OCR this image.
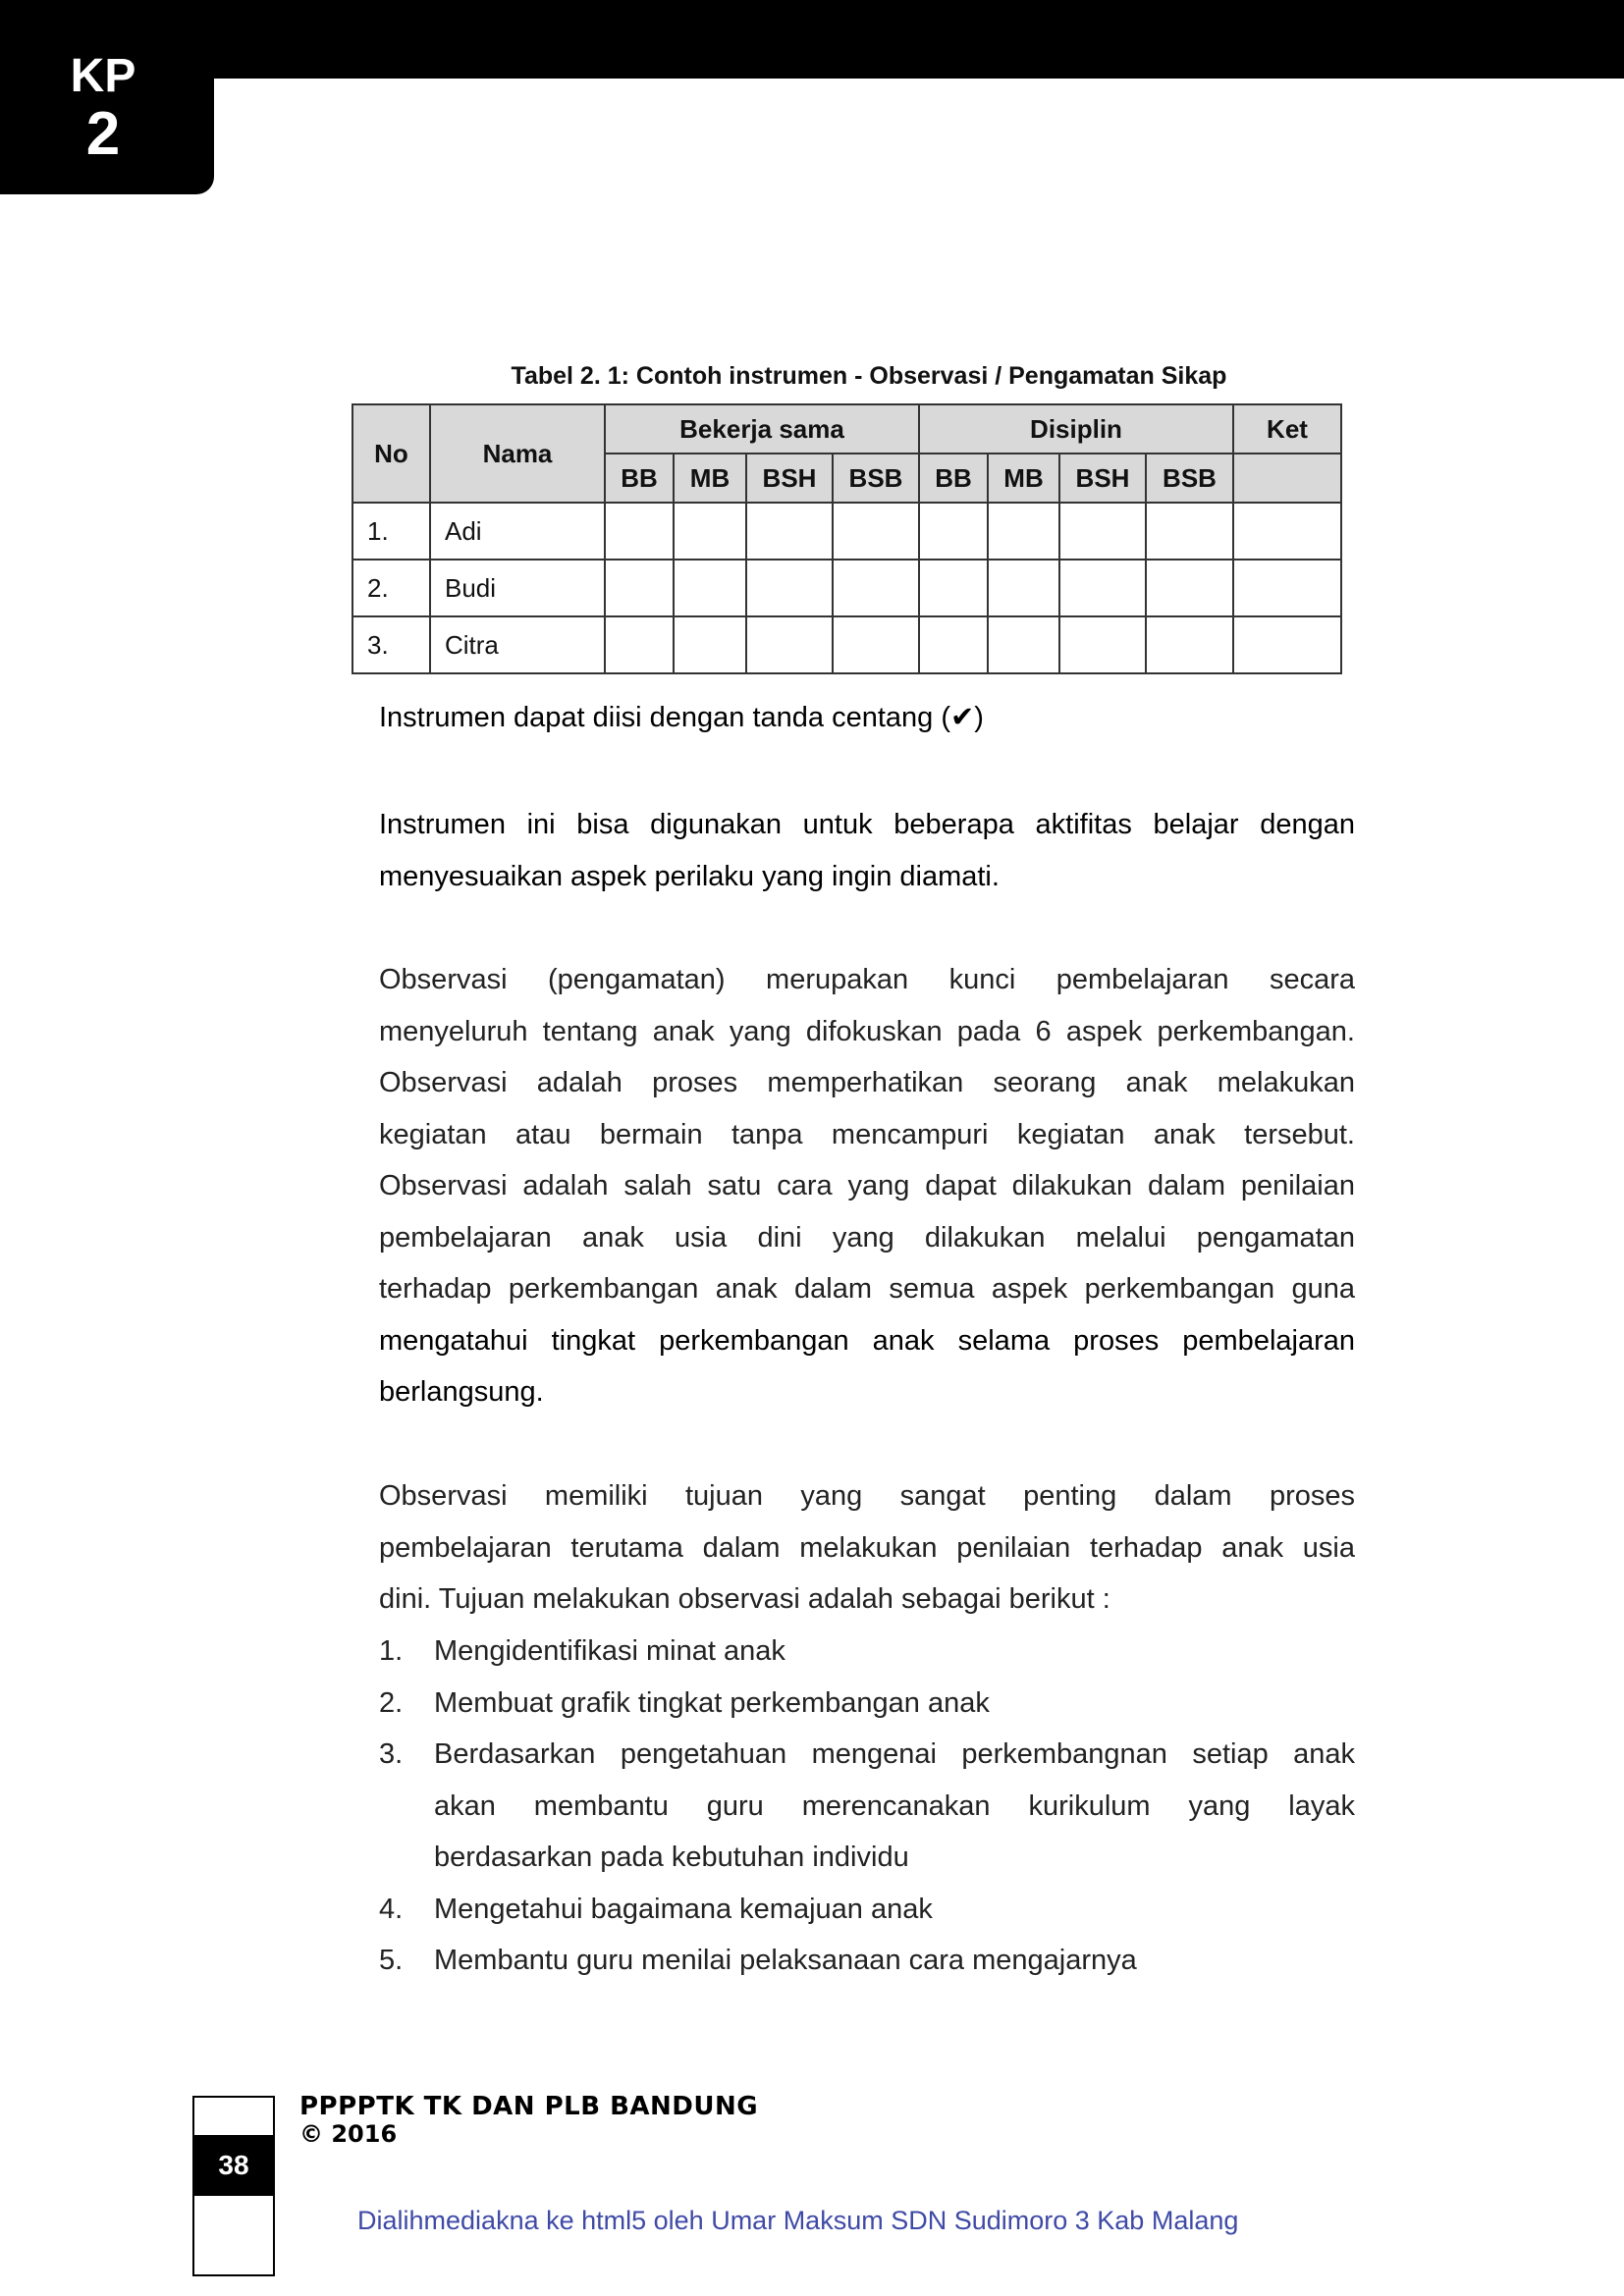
KP
2
Tabel 2. 1: Contoh instrumen - Observasi / Pengamatan Sikap
No	Nama	Bekerja sama				Disiplin				Ket
		BB	MB	BSH	BSB	BB	MB	BSH	BSB	
1.	Adi									
2.	Budi									
3.	Citra									
Instrumen dapat diisi dengan tanda centang (✔)
Instrumen ini bisa digunakan untuk beberapa aktifitas belajar dengan
menyesuaikan aspek perilaku yang ingin diamati.
Observasi (pengamatan) merupakan kunci pembelajaran secara
menyeluruh tentang anak yang difokuskan pada 6 aspek perkembangan.
Observasi adalah proses memperhatikan seorang anak melakukan
kegiatan atau bermain tanpa mencampuri kegiatan anak tersebut.
Observasi adalah salah satu cara yang dapat dilakukan dalam penilaian
pembelajaran anak usia dini yang dilakukan melalui pengamatan
terhadap perkembangan anak dalam semua aspek perkembangan guna
mengatahui tingkat perkembangan anak selama proses pembelajaran
berlangsung.
Observasi memiliki tujuan yang sangat penting dalam proses
pembelajaran terutama dalam melakukan penilaian terhadap anak usia
dini. Tujuan melakukan observasi adalah sebagai berikut :
1. Mengidentifikasi minat anak
2. Membuat grafik tingkat perkembangan anak
3. Berdasarkan pengetahuan mengenai perkembangnan setiap anak
akan membantu guru merencanakan kurikulum yang layak
berdasarkan pada kebutuhan individu
4. Mengetahui bagaimana kemajuan anak
5. Membantu guru menilai pelaksanaan cara mengajarnya
38
PPPPTK TK DAN PLB BANDUNG
© 2016
Dialihmediakna ke html5 oleh Umar Maksum SDN Sudimoro 3 Kab Malang
